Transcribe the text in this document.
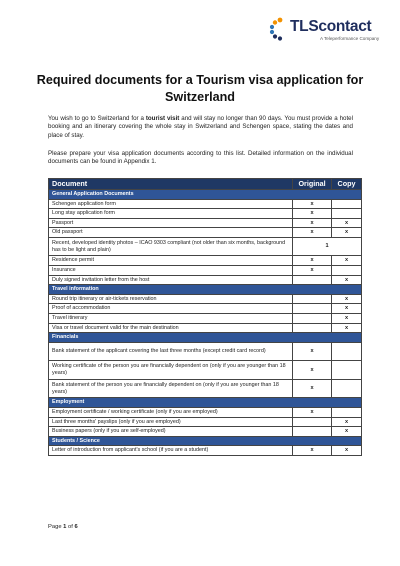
TLScontact
A Teleperformance Company
Required documents for a Tourism visa application for Switzerland

You wish to go to Switzerland for a tourist visit and will stay no longer than 90 days. You must provide a hotel booking and an itinerary covering the whole stay in Switzerland and Schengen space, stating the dates and place of stay.

Please prepare your visa application documents according to this list. Detailed information on the individual documents can be found in Appendix 1.

Document	Original	Copy
General Application Documents		
Schengen application form	x	
Long stay application form	x	
Passport	x	x
Old passport	x	x
Recent, developed identity photos – ICAO 9303 compliant (not older than six months, background has to be light and plain)	1	
Residence permit	x	x
Insurance	x	
Duly signed invitation letter from the host		x
Travel information		
Round trip itinerary or air-tickets reservation		x
Proof of accommodation		x
Travel itinerary		x
Visa or travel document valid for the main destination		x
Financials		
Bank statement of the applicant covering the last three months (except credit card record)	x	
Working certificate of the person you are financially dependent on (only if you are younger than 18 years)	x	
Bank statement of the person you are financially dependent on (only if you are younger than 18 years)	x	
Employment		
Employment certificate / working certificate (only if you are employed)	x	
Last three months' payslips (only if you are employed)		x
Business papers (only if you are self-employed)		x
Students / Science		
Letter of introduction from applicant's school (if you are a student)	x	x
Page 1 of 6
